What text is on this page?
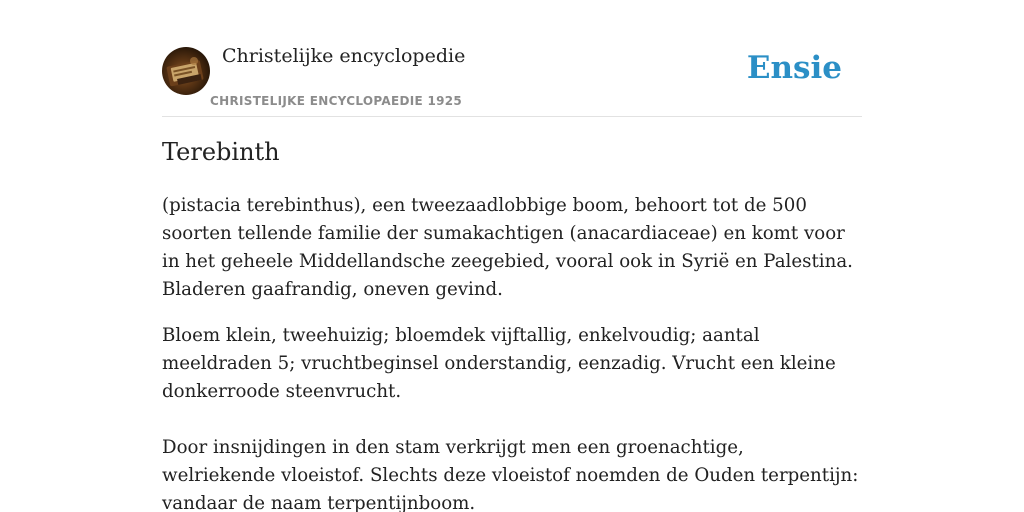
Christelijke encyclopedie
CHRISTELIJKE ENCYCLOPAEDIE 1925
Ensie
Terebinth

(pistacia terebinthus), een tweezaadlobbige boom, behoort tot de 500 soorten tellende familie der sumakachtigen (anacardiaceae) en komt voor in het geheele Middellandsche zeegebied, vooral ook in Syrië en Palestina. Bladeren gaafrandig, oneven gevind.

Bloem klein, tweehuizig; bloemdek vijftallig, enkelvoudig; aantal meeldraden 5; vruchtbeginsel onderstandig, eenzadig. Vrucht een kleine donkerroode steenvrucht.

Door insnijdingen in den stam verkrijgt men een groenachtige, welriekende vloeistof. Slechts deze vloeistof noemden de Ouden terpentijn: vandaar de naam terpentijnboom.
